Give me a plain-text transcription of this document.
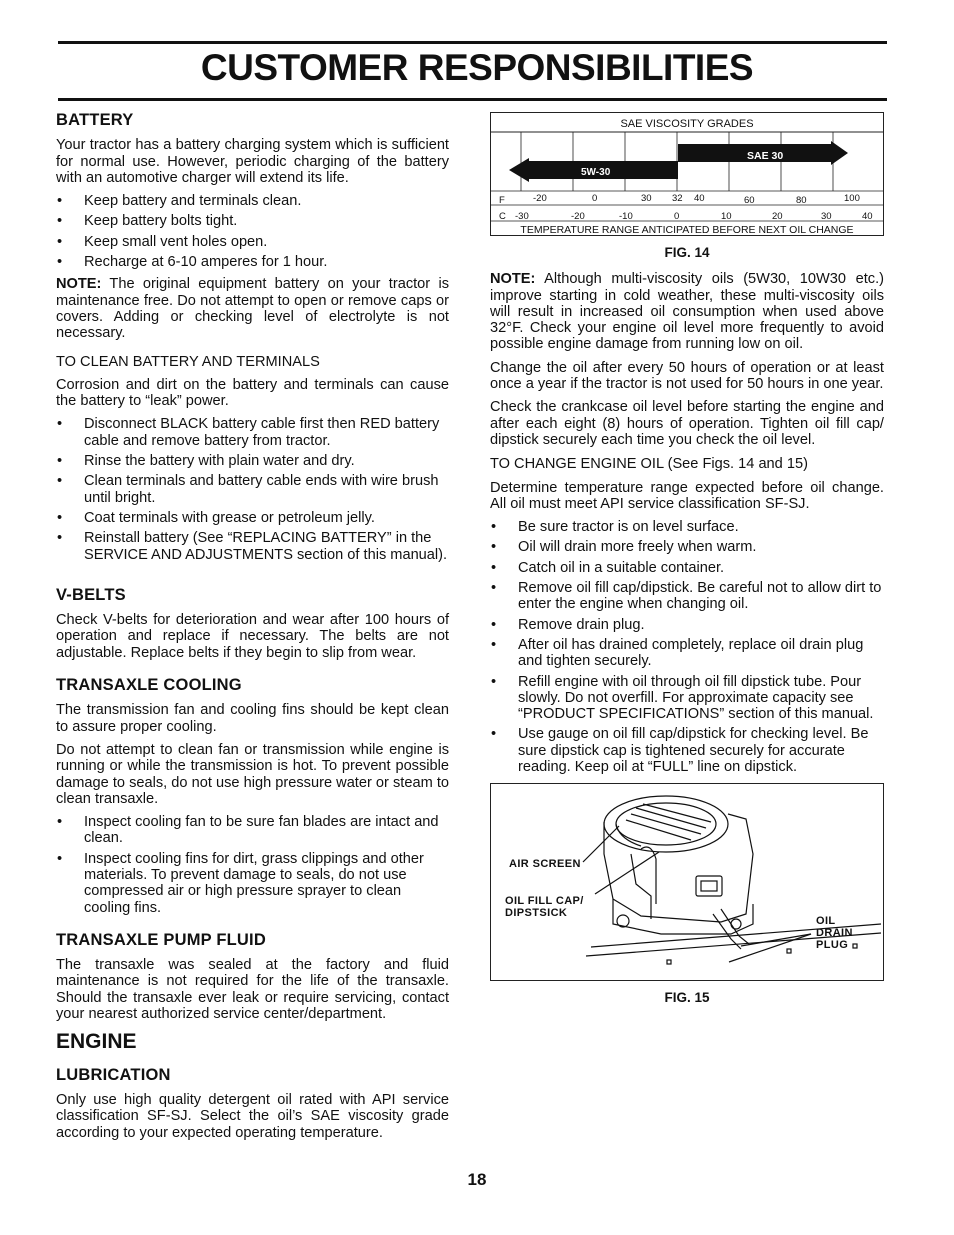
CUSTOMER RESPONSIBILITIES
BATTERY

Your tractor has a battery charging system which is sufficient for normal use. However, periodic charging of the battery with an automotive charger will extend its life.

• Keep battery and terminals clean.
• Keep battery bolts tight.
• Keep small vent holes open.
• Recharge at 6-10 amperes for 1 hour.

NOTE: The original equipment battery on your tractor is maintenance free. Do not attempt to open or remove caps or covers. Adding or checking level of electrolyte is not necessary.

TO CLEAN BATTERY AND TERMINALS

Corrosion and dirt on the battery and terminals can cause the battery to “leak” power.

• Disconnect BLACK battery cable first then RED battery cable and remove battery from tractor.
• Rinse the battery with plain water and dry.
• Clean terminals and battery cable ends with wire brush until bright.
• Coat terminals with grease or petroleum jelly.
• Reinstall battery (See “REPLACING BATTERY” in the SERVICE AND ADJUSTMENTS section of this manual).
V-BELTS

Check V-belts for deterioration and wear after 100 hours of operation and replace if necessary. The belts are not adjustable. Replace belts if they begin to slip from wear.

TRANSAXLE COOLING

The transmission fan and cooling fins should be kept clean to assure proper cooling.

Do not attempt to clean fan or transmission while engine is running or while the transmission is hot. To prevent possible damage to seals, do not use high pressure water or steam to clean transaxle.

• Inspect cooling fan to be sure fan blades are intact and clean.
• Inspect cooling fins for dirt, grass clippings and other materials. To prevent damage to seals, do not use compressed air or high pressure sprayer to clean cooling fins.
TRANSAXLE PUMP FLUID

The transaxle was sealed at the factory and fluid maintenance is not required for the life of the transaxle. Should the transaxle ever leak or require servicing, contact your nearest authorized service center/department.

ENGINE
LUBRICATION

Only use high quality detergent oil rated with API service classification SF-SJ. Select the oil’s SAE viscosity grade according to your expected operating temperature.

SAE VISCOSITY GRADES
5W-30
SAE 30
F	-20	0	30 32 40	60	80	100
C -30	-20	-10	0	10	20	30	40
TEMPERATURE RANGE ANTICIPATED BEFORE NEXT OIL CHANGE
FIG. 14

NOTE: Although multi-viscosity oils (5W30, 10W30 etc.) improve starting in cold weather, these multi-viscosity oils will result in increased oil consumption when used above 32°F. Check your engine oil level more frequently to avoid possible engine damage from running low on oil.

Change the oil after every 50 hours of operation or at least once a year if the tractor is not used for 50 hours in one year.

Check the crankcase oil level before starting the engine and after each eight (8) hours of operation. Tighten oil fill cap/ dipstick securely each time you check the oil level.

TO CHANGE ENGINE OIL (See Figs. 14 and 15)

Determine temperature range expected before oil change. All oil must meet API service classification SF-SJ.

• Be sure tractor is on level surface.
• Oil will drain more freely when warm.
• Catch oil in a suitable container.
• Remove oil fill cap/dipstick. Be careful not to allow dirt to enter the engine when changing oil.
• Remove drain plug.
• After oil has drained completely, replace oil drain plug and tighten securely.
• Refill engine with oil through oil fill dipstick tube. Pour slowly. Do not overfill. For approximate capacity see “PRODUCT SPECIFICATIONS” section of this manual.
• Use gauge on oil fill cap/dipstick for checking level. Be sure dipstick cap is tightened securely for accurate reading. Keep oil at “FULL” line on dipstick.
AIR SCREEN
OIL FILL CAP/
DIPSTSICK
OIL
DRAIN
PLUG
FIG. 15
18
